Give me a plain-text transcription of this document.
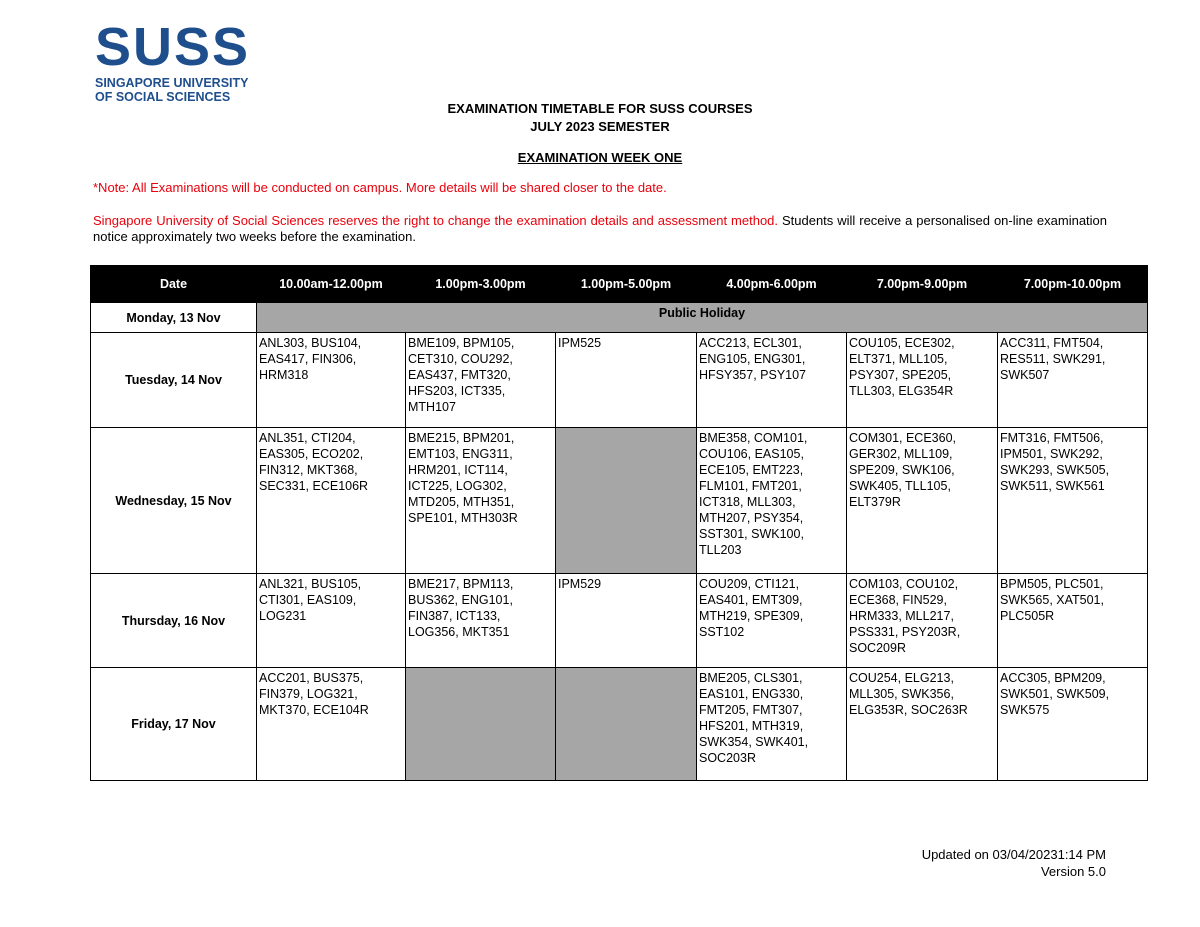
SUSS
SINGAPORE UNIVERSITY
OF SOCIAL SCIENCES
EXAMINATION TIMETABLE FOR SUSS COURSES
JULY 2023 SEMESTER
EXAMINATION WEEK ONE
*Note: All Examinations will be conducted on campus. More details will be shared closer to the date.
Singapore University of Social Sciences reserves the right to change the examination details and assessment method. Students will receive a personalised on-line examination notice approximately two weeks before the examination.
Date	10.00am-12.00pm	1.00pm-3.00pm	1.00pm-5.00pm	4.00pm-6.00pm	7.00pm-9.00pm	7.00pm-10.00pm
Monday, 13 Nov	Public Holiday					
Tuesday, 14 Nov	ANL303, BUS104, EAS417, FIN306, HRM318	BME109, BPM105, CET310, COU292, EAS437, FMT320, HFS203, ICT335, MTH107	IPM525	ACC213, ECL301, ENG105, ENG301, HFSY357, PSY107	COU105, ECE302, ELT371, MLL105, PSY307, SPE205, TLL303, ELG354R	ACC311, FMT504, RES511, SWK291, SWK507
Wednesday, 15 Nov	ANL351, CTI204, EAS305, ECO202, FIN312, MKT368, SEC331, ECE106R	BME215, BPM201, EMT103, ENG311, HRM201, ICT114, ICT225, LOG302, MTD205, MTH351, SPE101, MTH303R		BME358, COM101, COU106, EAS105, ECE105, EMT223, FLM101, FMT201, ICT318, MLL303, MTH207, PSY354, SST301, SWK100, TLL203	COM301, ECE360, GER302, MLL109, SPE209, SWK106, SWK405, TLL105, ELT379R	FMT316, FMT506, IPM501, SWK292, SWK293, SWK505, SWK511, SWK561
Thursday, 16 Nov	ANL321, BUS105, CTI301, EAS109, LOG231	BME217, BPM113, BUS362, ENG101, FIN387, ICT133, LOG356, MKT351	IPM529	COU209, CTI121, EAS401, EMT309, MTH219, SPE309, SST102	COM103, COU102, ECE368, FIN529, HRM333, MLL217, PSS331, PSY203R, SOC209R	BPM505, PLC501, SWK565, XAT501, PLC505R
Friday, 17 Nov	ACC201, BUS375, FIN379, LOG321, MKT370, ECE104R			BME205, CLS301, EAS101, ENG330, FMT205, FMT307, HFS201, MTH319, SWK354, SWK401, SOC203R	COU254, ELG213, MLL305, SWK356, ELG353R, SOC263R	ACC305, BPM209, SWK501, SWK509, SWK575
Updated on 03/04/20231:14 PM
Version 5.0
